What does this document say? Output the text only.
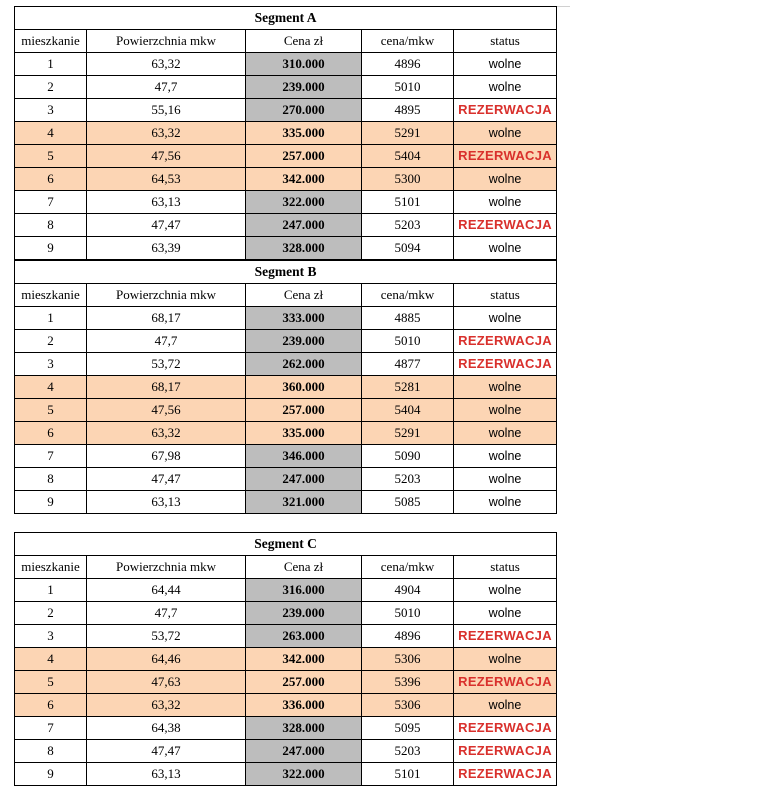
Segment A				
mieszkanie	Powierzchnia mkw	Cena zł	cena/mkw	status
1	63,32	310.000	4896	wolne
2	47,7	239.000	5010	wolne
3	55,16	270.000	4895	REZERWACJA
4	63,32	335.000	5291	wolne
5	47,56	257.000	5404	REZERWACJA
6	64,53	342.000	5300	wolne
7	63,13	322.000	5101	wolne
8	47,47	247.000	5203	REZERWACJA
9	63,39	328.000	5094	wolne
Segment B				
mieszkanie	Powierzchnia mkw	Cena zł	cena/mkw	status
1	68,17	333.000	4885	wolne
2	47,7	239.000	5010	REZERWACJA
3	53,72	262.000	4877	REZERWACJA
4	68,17	360.000	5281	wolne
5	47,56	257.000	5404	wolne
6	63,32	335.000	5291	wolne
7	67,98	346.000	5090	wolne
8	47,47	247.000	5203	wolne
9	63,13	321.000	5085	wolne
Segment C				
mieszkanie	Powierzchnia mkw	Cena zł	cena/mkw	status
1	64,44	316.000	4904	wolne
2	47,7	239.000	5010	wolne
3	53,72	263.000	4896	REZERWACJA
4	64,46	342.000	5306	wolne
5	47,63	257.000	5396	REZERWACJA
6	63,32	336.000	5306	wolne
7	64,38	328.000	5095	REZERWACJA
8	47,47	247.000	5203	REZERWACJA
9	63,13	322.000	5101	REZERWACJA
